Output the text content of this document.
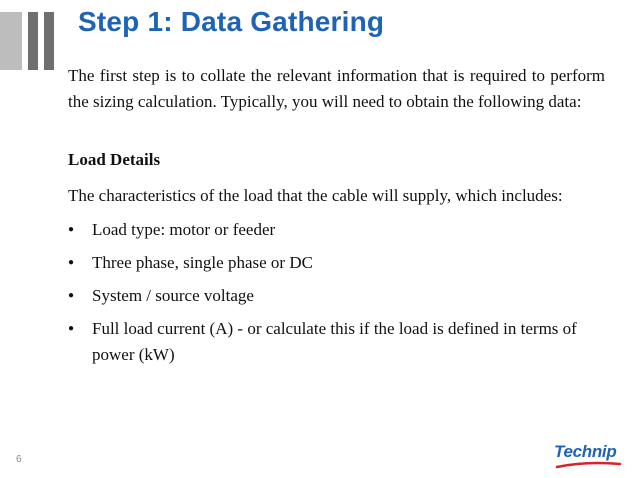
Step 1: Data Gathering

The first step is to collate the relevant information that is required to perform the sizing calculation. Typically, you will need to obtain the following data:

Load Details

The characteristics of the load that the cable will supply, which includes:

● Load type: motor or feeder
● Three phase, single phase or DC
● System / source voltage
● Full load current (A) - or calculate this if the load is defined in terms of power (kW)
6	Technip
